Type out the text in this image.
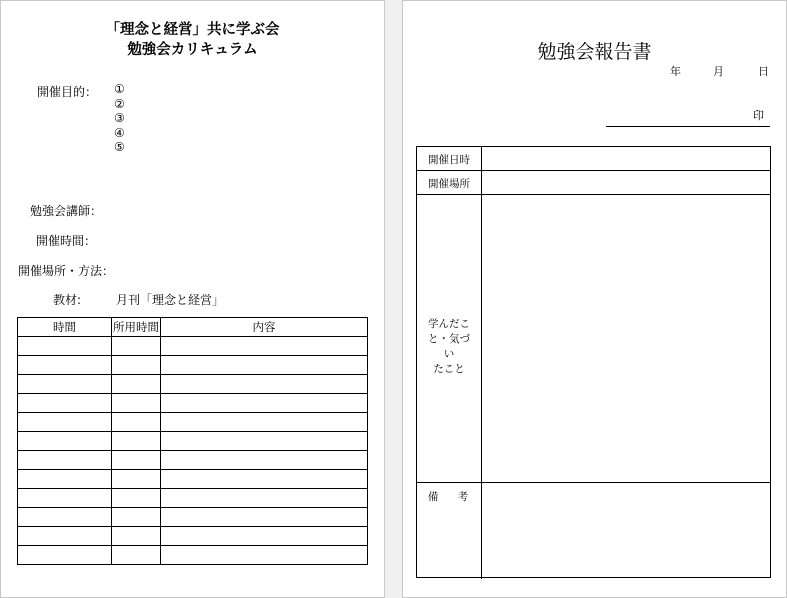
「理念と経営」共に学ぶ会
勉強会カリキュラム
開催目的： ①
②
③
④
⑤
勉強会講師：
開催時間：
開催場所・方法：
教材:	月刊「理念と経営」
時間	所用時間	内容

勉強会報告書
年	月	日
印
開催日時
開催場所
学んだこ
と・気づい
たこと
備 考
